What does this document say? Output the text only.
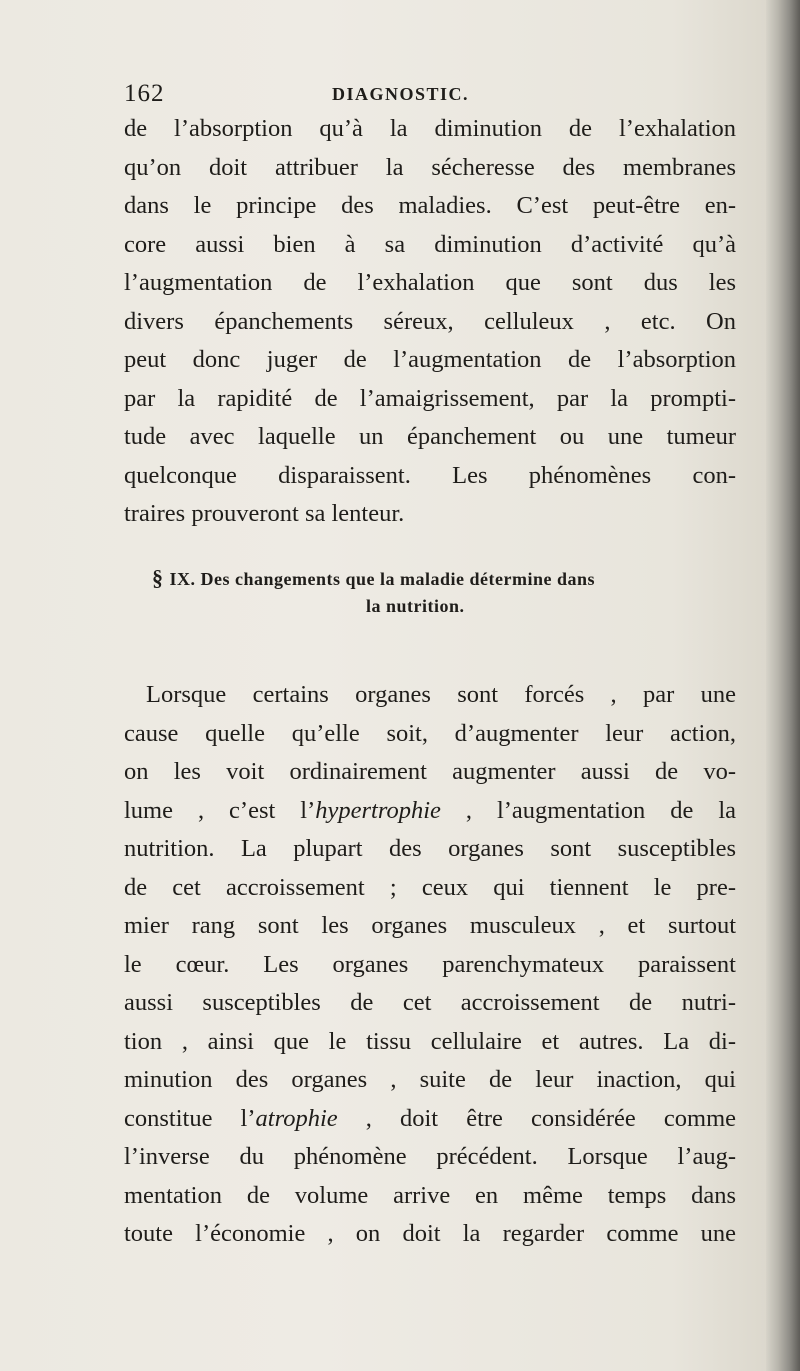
162	DIAGNOSTIC.
de l’absorption qu’à la diminution de l’exhalation
qu’on doit attribuer la sécheresse des membranes
dans le principe des maladies. C’est peut-être en-
core aussi bien à sa diminution d’activité qu’à
l’augmentation de l’exhalation que sont dus les
divers épanchements séreux, celluleux , etc. On
peut donc juger de l’augmentation de l’absorption
par la rapidité de l’amaigrissement, par la prompti-
tude avec laquelle un épanchement ou une tumeur
quelconque disparaissent. Les phénomènes con-
traires prouveront sa lenteur.
§ IX. Des changements que la maladie détermine dans
la nutrition.
Lorsque certains organes sont forcés , par une
cause quelle qu’elle soit, d’augmenter leur action,
on les voit ordinairement augmenter aussi de vo-
lume , c’est l’hypertrophie , l’augmentation de la
nutrition. La plupart des organes sont susceptibles
de cet accroissement ; ceux qui tiennent le pre-
mier rang sont les organes musculeux , et surtout
le cœur. Les organes parenchymateux paraissent
aussi susceptibles de cet accroissement de nutri-
tion , ainsi que le tissu cellulaire et autres. La di-
minution des organes , suite de leur inaction, qui
constitue l’atrophie , doit être considérée comme
l’inverse du phénomène précédent. Lorsque l’aug-
mentation de volume arrive en même temps dans
toute l’économie , on doit la regarder comme une
